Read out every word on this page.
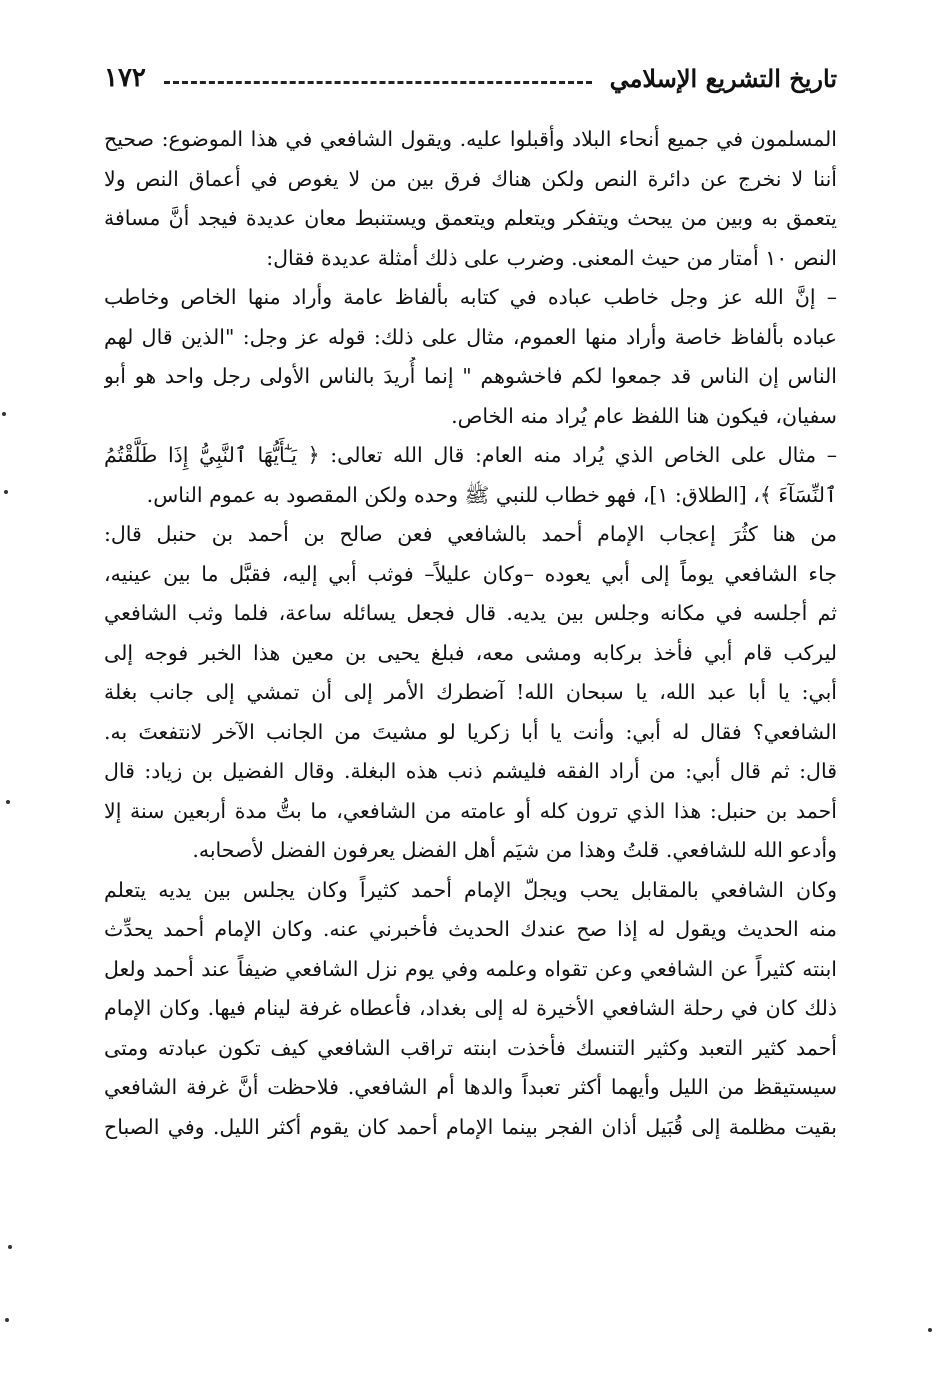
تاريخ التشريع الإسلامي
١٧٢

المسلمون في جميع أنحاء البلاد وأقبلوا عليه. ويقول الشافعي في هذا الموضوع: صحيح
أننا لا نخرج عن دائرة النص ولكن هناك فرق بين من لا يغوص في أعماق النص ولا
يتعمق به وبين من يبحث ويتفكر ويتعلم ويتعمق ويستنبط معان عديدة فيجد أنَّ مسافة
النص ١٠ أمتار من حيث المعنى. وضرب على ذلك أمثلة عديدة فقال:

– إنَّ الله عز وجل خاطب عباده في كتابه بألفاظ عامة وأراد منها الخاص وخاطب
عباده بألفاظ خاصة وأراد منها العموم، مثال على ذلك: قوله عز وجل: "الذين قال لهم
الناس إن الناس قد جمعوا لكم فاخشوهم " إنما أُريدَ بالناس الأولى رجل واحد هو أبو
سفيان، فيكون هنا اللفظ عام يُراد منه الخاص.

– مثال على الخاص الذي يُراد منه العام: قال الله تعالى: ﴿ يَـٰٓأَيُّهَا ٱلنَّبِيُّ إِذَا طَلَّقْتُمُ
ٱلنِّسَآءَ ﴾، [الطلاق: ١]، فهو خطاب للنبي ﷺ وحده ولكن المقصود به عموم الناس.

من هنا كثُرَ إعجاب الإمام أحمد بالشافعي فعن صالح بن أحمد بن حنبل قال:
جاء الشافعي يوماً إلى أبي يعوده –وكان عليلاً– فوثب أبي إليه، فقبَّل ما بين عينيه،
ثم أجلسه في مكانه وجلس بين يديه. قال فجعل يسائله ساعة، فلما وثب الشافعي
ليركب قام أبي فأخذ بركابه ومشى معه، فبلغ يحيى بن معين هذا الخبر فوجه إلى
أبي: يا أبا عبد الله، يا سبحان الله! آضطرك الأمر إلى أن تمشي إلى جانب بغلة
الشافعي؟ فقال له أبي: وأنت يا أبا زكريا لو مشيتَ من الجانب الآخر لانتفعتَ به.
قال: ثم قال أبي: من أراد الفقه فليشم ذنب هذه البغلة. وقال الفضيل بن زياد: قال
أحمد بن حنبل: هذا الذي ترون كله أو عامته من الشافعي، ما بتُّ مدة أربعين سنة إلا
وأدعو الله للشافعي. قلتُ وهذا من شيَم أهل الفضل يعرفون الفضل لأصحابه.

وكان الشافعي بالمقابل يحب ويجلّ الإمام أحمد كثيراً وكان يجلس بين يديه يتعلم
منه الحديث ويقول له إذا صح عندك الحديث فأخبرني عنه. وكان الإمام أحمد يحدِّث
ابنته كثيراً عن الشافعي وعن تقواه وعلمه وفي يوم نزل الشافعي ضيفاً عند أحمد ولعل
ذلك كان في رحلة الشافعي الأخيرة له إلى بغداد، فأعطاه غرفة لينام فيها. وكان الإمام
أحمد كثير التعبد وكثير التنسك فأخذت ابنته تراقب الشافعي كيف تكون عبادته ومتى
سيستيقظ من الليل وأيهما أكثر تعبداً والدها أم الشافعي. فلاحظت أنَّ غرفة الشافعي
بقيت مظلمة إلى قُبَيل أذان الفجر بينما الإمام أحمد كان يقوم أكثر الليل. وفي الصباح
